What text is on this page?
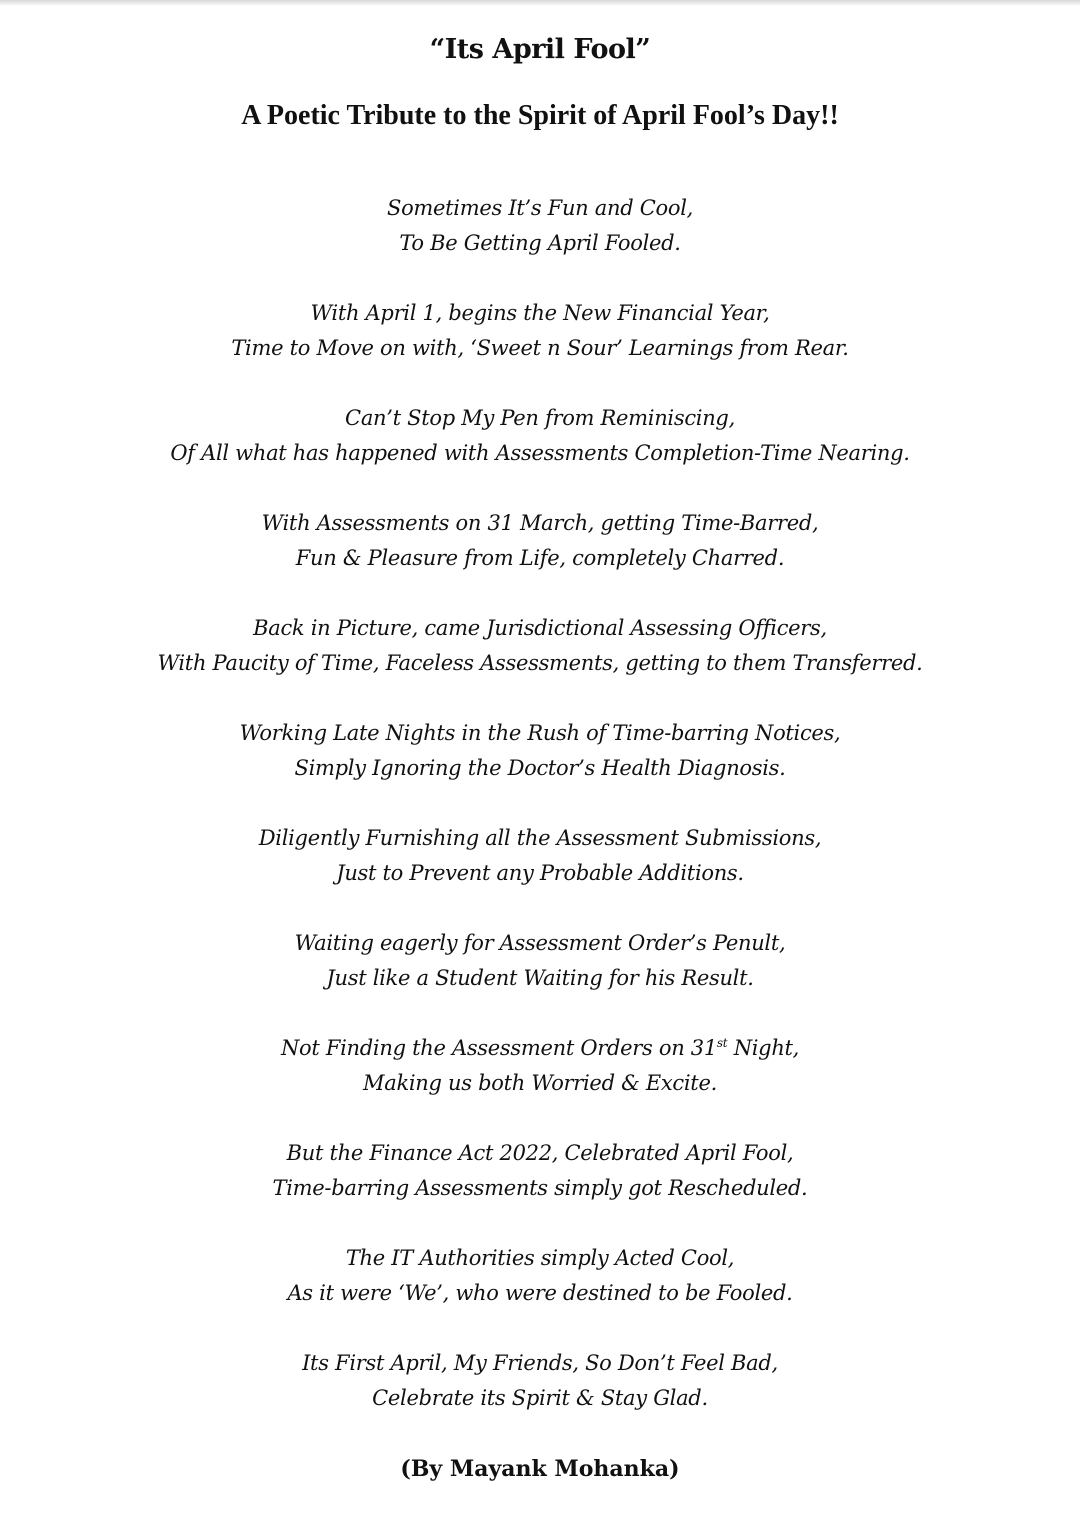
“Its April Fool”
A Poetic Tribute to the Spirit of April Fool’s Day!!

Sometimes It’s Fun and Cool,
To Be Getting April Fooled.

With April 1, begins the New Financial Year,
Time to Move on with, ‘Sweet n Sour’ Learnings from Rear.

Can’t Stop My Pen from Reminiscing,
Of All what has happened with Assessments Completion-Time Nearing.

With Assessments on 31 March, getting Time-Barred,
Fun & Pleasure from Life, completely Charred.

Back in Picture, came Jurisdictional Assessing Officers,
With Paucity of Time, Faceless Assessments, getting to them Transferred.

Working Late Nights in the Rush of Time-barring Notices,
Simply Ignoring the Doctor’s Health Diagnosis.

Diligently Furnishing all the Assessment Submissions,
Just to Prevent any Probable Additions.

Waiting eagerly for Assessment Order’s Penult,
Just like a Student Waiting for his Result.

Not Finding the Assessment Orders on 31st Night,
Making us both Worried & Excite.

But the Finance Act 2022, Celebrated April Fool,
Time-barring Assessments simply got Rescheduled.

The IT Authorities simply Acted Cool,
As it were ‘We’, who were destined to be Fooled.

Its First April, My Friends, So Don’t Feel Bad,
Celebrate its Spirit & Stay Glad.

(By Mayank Mohanka)
